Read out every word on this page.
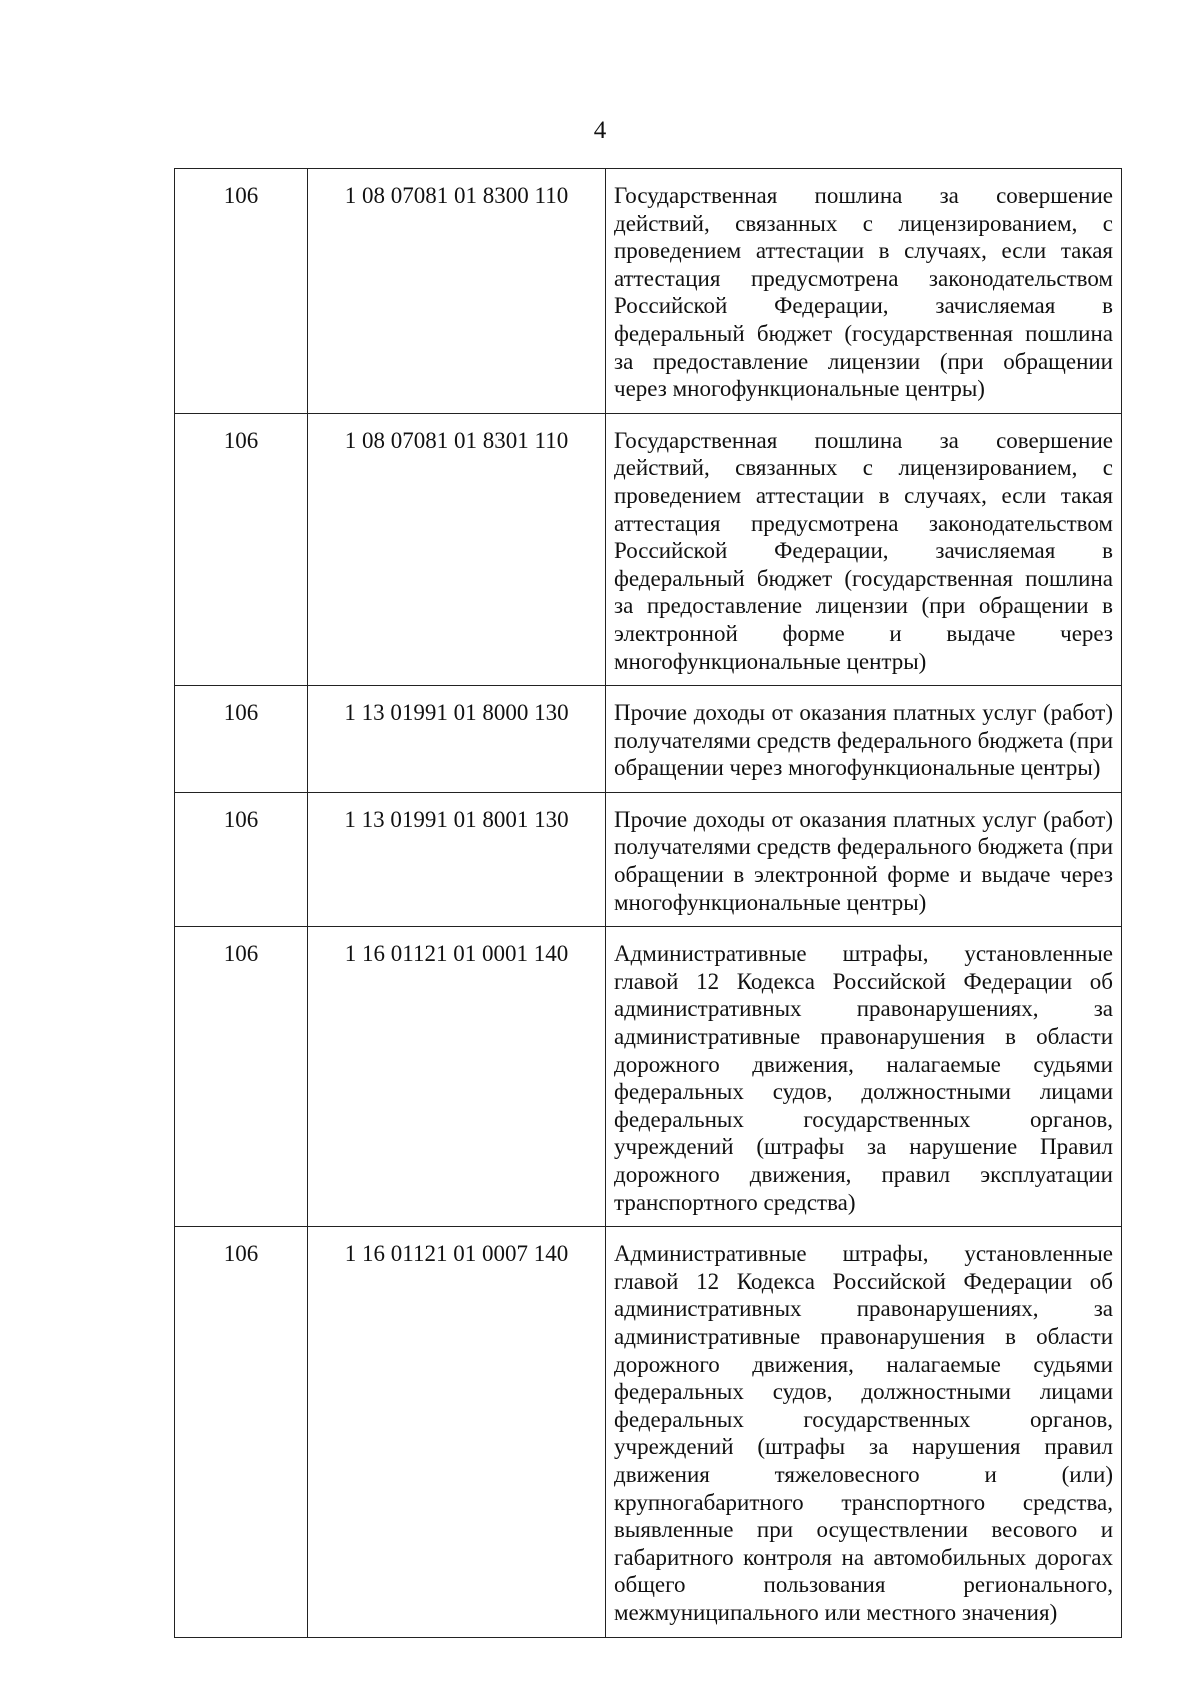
4
106	1 08 07081 01 8300 110	Государственная пошлина за совершение действий, связанных с лицензированием, с проведением аттестации в случаях, если такая аттестация предусмотрена законодательством Российской Федерации, зачисляемая в федеральный бюджет (государственная пошлина за предоставление лицензии (при обращении через многофункциональные центры)
106	1 08 07081 01 8301 110	Государственная пошлина за совершение действий, связанных с лицензированием, с проведением аттестации в случаях, если такая аттестация предусмотрена законодательством Российской Федерации, зачисляемая в федеральный бюджет (государственная пошлина за предоставление лицензии (при обращении в электронной форме и выдаче через многофункциональные центры)
106	1 13 01991 01 8000 130	Прочие доходы от оказания платных услуг (работ) получателями средств федерального бюджета (при обращении через многофункциональные центры)
106	1 13 01991 01 8001 130	Прочие доходы от оказания платных услуг (работ) получателями средств федерального бюджета (при обращении в электронной форме и выдаче через многофункциональные центры)
106	1 16 01121 01 0001 140	Административные штрафы, установленные главой 12 Кодекса Российской Федерации об административных правонарушениях, за административные правонарушения в области дорожного движения, налагаемые судьями федеральных судов, должностными лицами федеральных государственных органов, учреждений (штрафы за нарушение Правил дорожного движения, правил эксплуатации транспортного средства)
106	1 16 01121 01 0007 140	Административные штрафы, установленные главой 12 Кодекса Российской Федерации об административных правонарушениях, за административные правонарушения в области дорожного движения, налагаемые судьями федеральных судов, должностными лицами федеральных государственных органов, учреждений (штрафы за нарушения правил движения тяжеловесного и (или) крупногабаритного транспортного средства, выявленные при осуществлении весового и габаритного контроля на автомобильных дорогах общего пользования регионального, межмуниципального или местного значения)
